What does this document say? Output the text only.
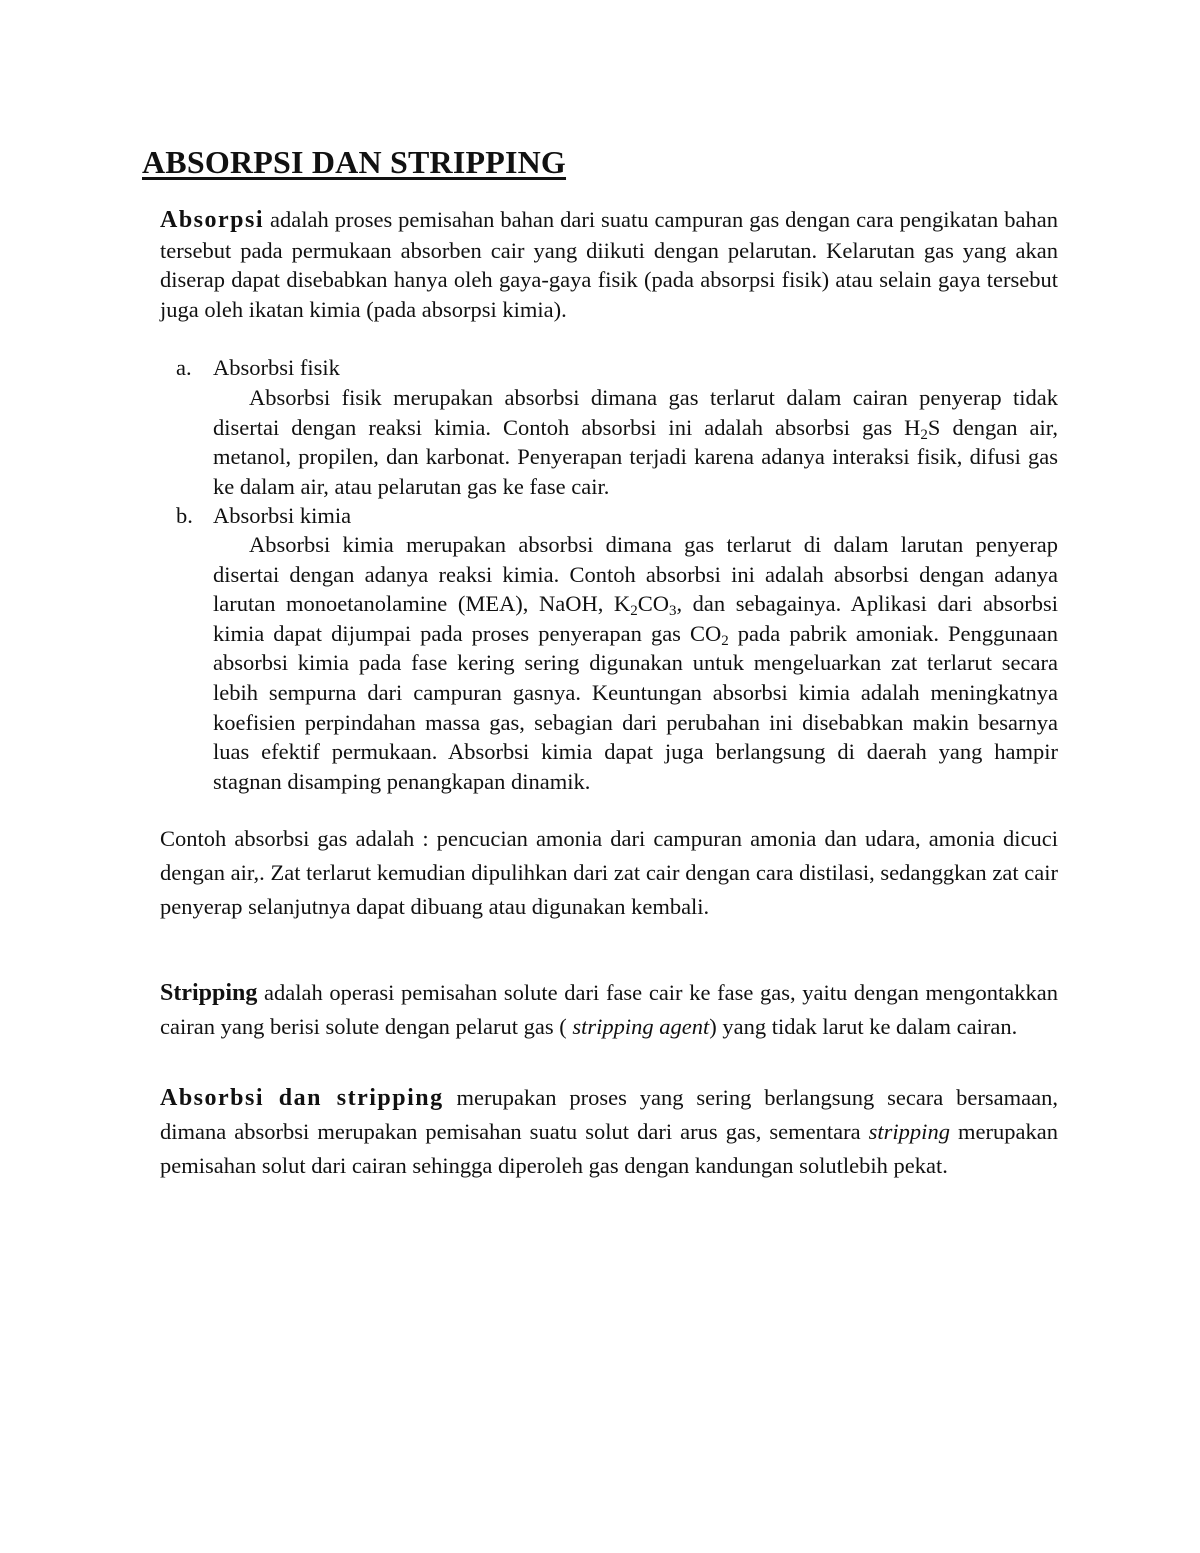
ABSORPSI DAN STRIPPING

Absorpsi adalah proses pemisahan bahan dari suatu campuran gas dengan cara pengikatan bahan tersebut pada permukaan absorben cair yang diikuti dengan pelarutan. Kelarutan gas yang akan diserap dapat disebabkan hanya oleh gaya-gaya fisik (pada absorpsi fisik) atau selain gaya tersebut juga oleh ikatan kimia (pada absorpsi kimia).

a. Absorbsi fisik

Absorbsi fisik merupakan absorbsi dimana gas terlarut dalam cairan penyerap tidak disertai dengan reaksi kimia. Contoh absorbsi ini adalah absorbsi gas $H_2S$ dengan air, metanol, propilen, dan karbonat. Penyerapan terjadi karena adanya interaksi fisik, difusi gas ke dalam air, atau pelarutan gas ke fase cair.

b. Absorbsi kimia

Absorbsi kimia merupakan absorbsi dimana gas terlarut di dalam larutan penyerap disertai dengan adanya reaksi kimia. Contoh absorbsi ini adalah absorbsi dengan adanya larutan monoetanolamine (MEA), NaOH, $K_2CO_3$, dan sebagainya. Aplikasi dari absorbsi kimia dapat dijumpai pada proses penyerapan gas $CO_2$ pada pabrik amoniak. Penggunaan absorbsi kimia pada fase kering sering digunakan untuk mengeluarkan zat terlarut secara lebih sempurna dari campuran gasnya. Keuntungan absorbsi kimia adalah meningkatnya koefisien perpindahan massa gas, sebagian dari perubahan ini disebabkan makin besarnya luas efektif permukaan. Absorbsi kimia dapat juga berlangsung di daerah yang hampir stagnan disamping penangkapan dinamik.

Contoh absorbsi gas adalah : pencucian amonia dari campuran amonia dan udara, amonia dicuci dengan air,. Zat terlarut kemudian dipulihkan dari zat cair dengan cara distilasi, sedanggkan zat cair penyerap selanjutnya dapat dibuang atau digunakan kembali.

Stripping adalah operasi pemisahan solute dari fase cair ke fase gas, yaitu dengan mengontakkan cairan yang berisi solute dengan pelarut gas ( stripping agent) yang tidak larut ke dalam cairan.

Absorbsi dan stripping merupakan proses yang sering berlangsung secara bersamaan, dimana absorbsi merupakan pemisahan suatu solut dari arus gas, sementara stripping merupakan pemisahan solut dari cairan sehingga diperoleh gas dengan kandungan solutlebih pekat.
